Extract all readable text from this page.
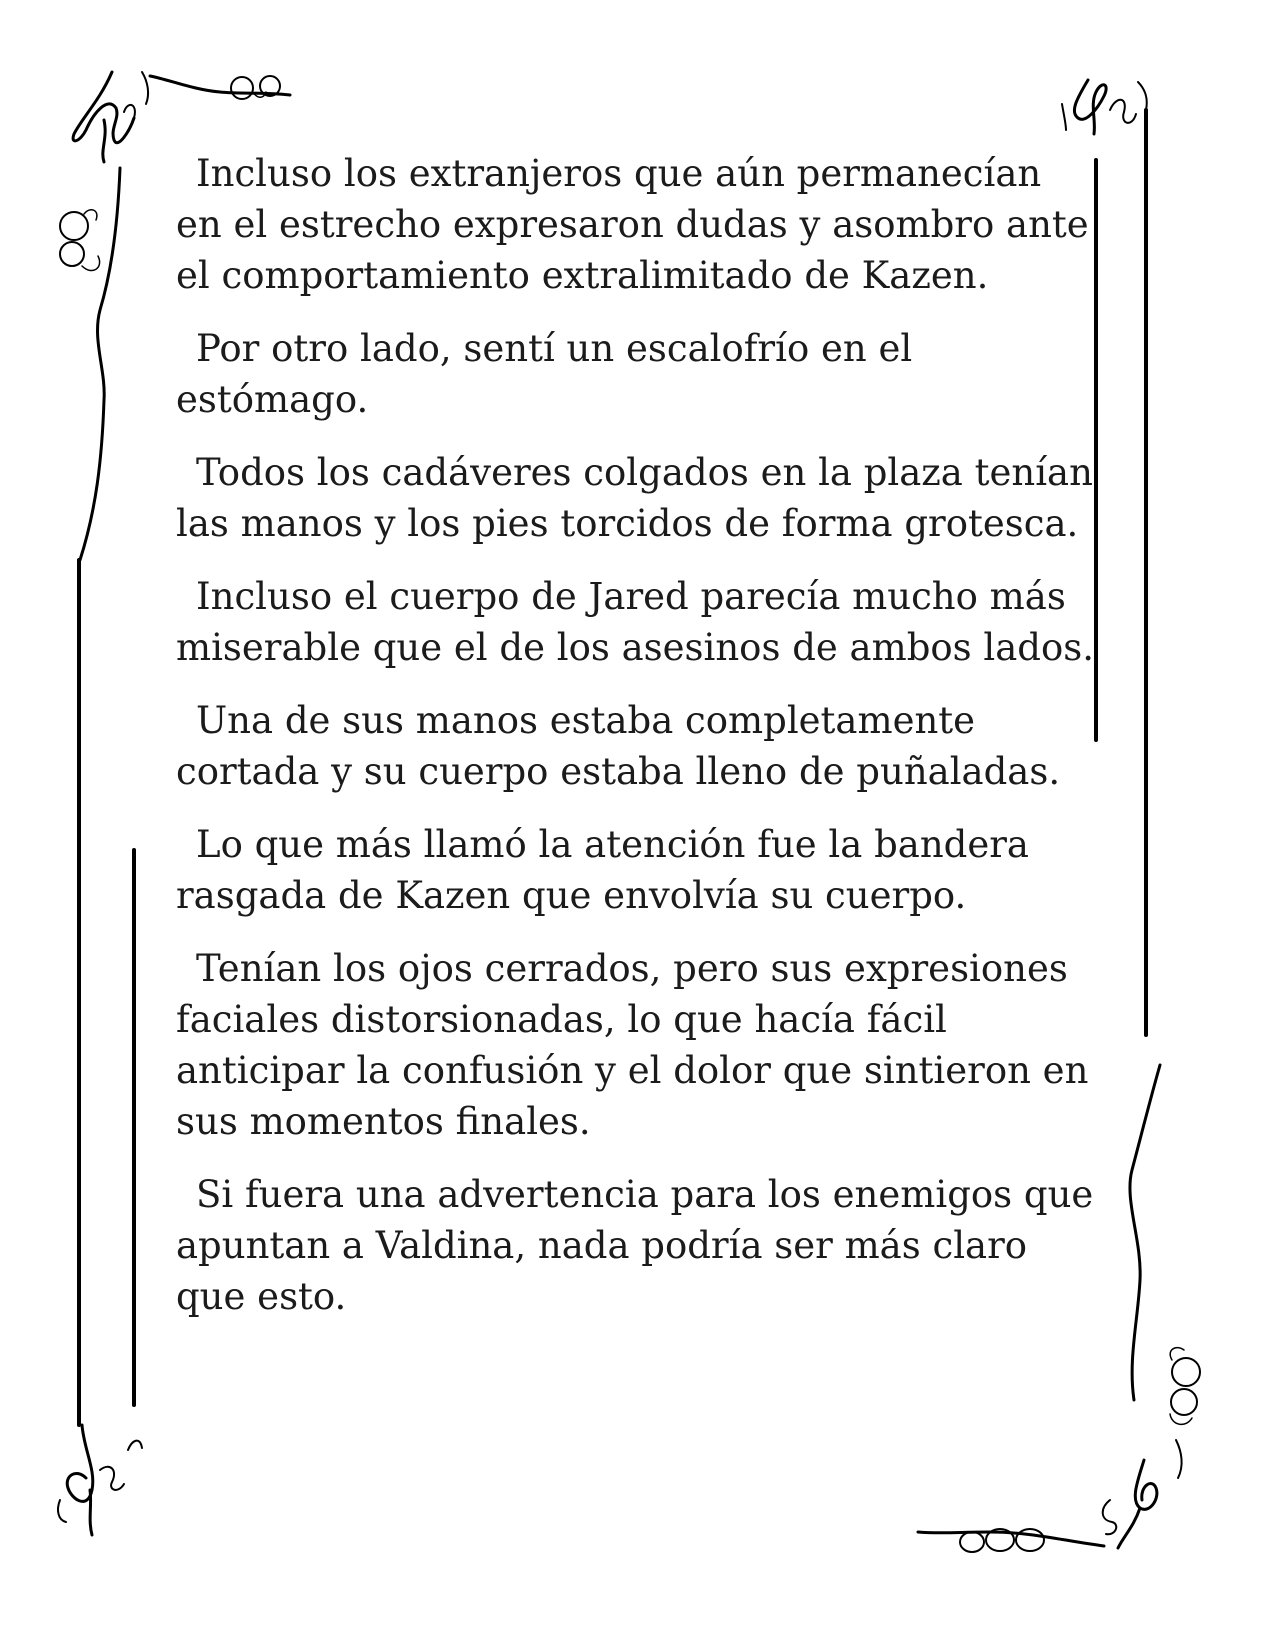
Incluso los extranjeros que aún permanecían en el estrecho expresaron dudas y asombro ante el comportamiento extralimitado de Kazen.

Por otro lado, sentí un escalofrío en el estómago.

Todos los cadáveres colgados en la plaza tenían las manos y los pies torcidos de forma grotesca.

Incluso el cuerpo de Jared parecía mucho más miserable que el de los asesinos de ambos lados.

Una de sus manos estaba completamente cortada y su cuerpo estaba lleno de puñaladas.

Lo que más llamó la atención fue la bandera rasgada de Kazen que envolvía su cuerpo.

Tenían los ojos cerrados, pero sus expresiones faciales distorsionadas, lo que hacía fácil anticipar la confusión y el dolor que sintieron en sus momentos finales.

Si fuera una advertencia para los enemigos que apuntan a Valdina, nada podría ser más claro que esto.
